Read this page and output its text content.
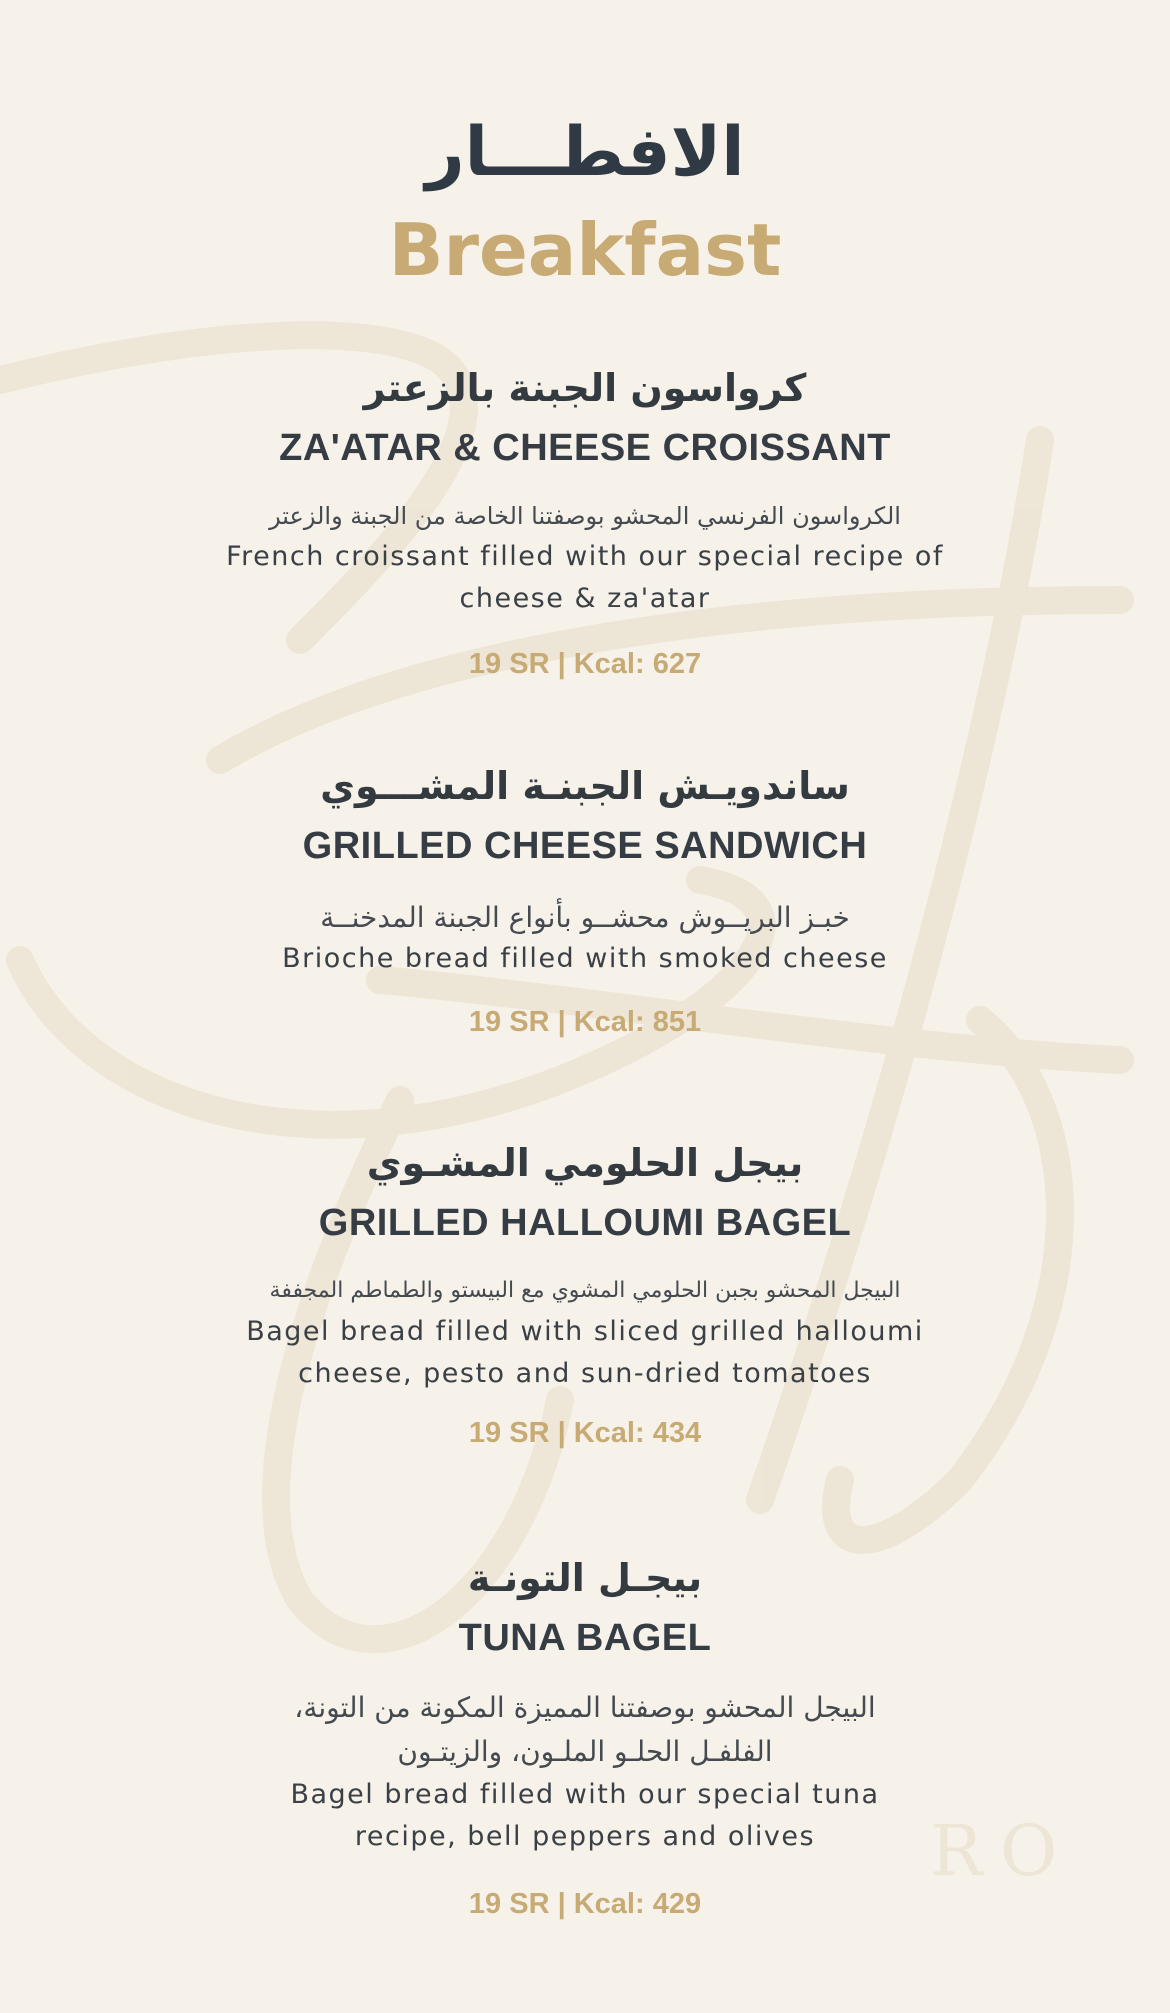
R O
الافطـــار
Breakfast
كرواسون الجبنة بالزعتر
ZA'ATAR & CHEESE CROISSANT
الكرواسون الفرنسي المحشو بوصفتنا الخاصة من الجبنة والزعتر
French croissant filled with our special recipe of cheese & za'atar
19 SR | Kcal: 627
ساندويـش الجبنـة المشـــوي
GRILLED CHEESE SANDWICH
خبـز البريــوش محشــو بأنواع الجبنة المدخنــة
Brioche bread filled with smoked cheese
19 SR | Kcal: 851
بيجل الحلومي المشـوي
GRILLED HALLOUMI BAGEL
البيجل المحشو بجبن الحلومي المشوي مع البيستو والطماطم المجففة
Bagel bread filled with sliced grilled halloumi cheese, pesto and sun-dried tomatoes
19 SR | Kcal: 434
بيجـل التونـة
TUNA BAGEL
البيجل المحشو بوصفتنا المميزة المكونة من التونة، الفلفـل الحلـو الملـون، والزيتـون
Bagel bread filled with our special tuna recipe, bell peppers and olives
19 SR | Kcal: 429
